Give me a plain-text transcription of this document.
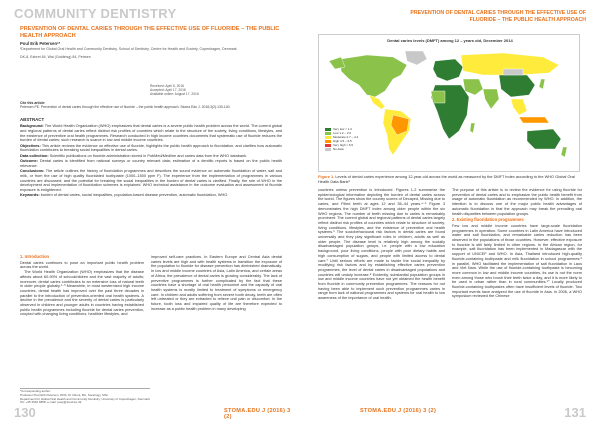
COMMUNITY DENTISTRY
PREVENTION OF DENTAL CARIES THROUGH THE EFFECTIVE USE OF FLUORIDE – THE PUBLIC HEALTH APPROACH
Poul Erik Petersen¹*
¹Department for Global Oral Health and Community Dentistry. School of Dentistry, Centre for Health and Society, Copenhagen, Denmark
DK-8, Esbret 84, Wai (Gotdinsg) 84, Petrsen
Received: April 8, 2016
Accepted: April 17, 2016
Available online: August 17, 2016
Cite this article:
Petersen PE. Prevention of dental caries through the effective use of fluoride – the public health approach. Stoma Edu J. 2016;3(2):130-140.
ABSTRACT

Background: The World Health Organization (WHO) emphasizes that dental caries is a severe public health problem across the world. The current global and regional patterns of dental caries reflect distinct risk profiles of countries which relate to the structure of the society, living conditions, lifestyles, and the existence of preventive oral health programmes. Research conducted in high income countries documents that systematic use of fluoride reduces the burden of dental caries; such research is scarce in low and middle income countries.

Objectives: This article reviews the evidence on effective use of fluoride, highlights the public health approach to fluoridation, and clarifies how automatic fluoridation contributes to breaking social inequalities in dental caries.

Data collection: Scientific publications on fluoride administration stored in PubMed/Medline and caries data from the WHO databank.

Outcome: Dental caries is identified from national surveys or country relevant data; estimation of a dentific reports is based on the public health relevance.

Conclusions: The article outlines the history of fluoridation programmes and describes the sound evidence on automatic fluoridation of water, salt and milk, or from the use of high quality fluoridated toothpaste (1000–1500 ppm F). The experience from the implementation of programmes in various countries are discussed; and the potential for breaking the social inequalities in the burden of dental caries is clarified. Finally, the role of WHO in the development and implementation of fluoridation schemes is explained. WHO technical assistance in the outcome evaluation and assessment of fluoride exposure is enlightened.

Keywords: burden of dental caries, social inequalities, population-based disease prevention, automatic fluoridation, WHO.

1. Introduction

Dental caries continues to pose an important public health problem across the world.

The World Health Organization (WHO) emphasizes that the disease affects about 60-90% of schoolchildren and the vast majority of adults; moreover, dental caries contributes to an extensive loss of natural teeth in older people globally.¹⁻³ Meanwhile, in most westernized high income countries, dental health has improved over the past three decades in parallel to the introduction of prevention-oriented oral health systems. A decline in the prevalence and the severity of dental caries is particularly observed in children and younger adults in countries having established public health programmes including fluoride for dental caries prevention, coupled with changing living conditions, healthier lifestyles, and

improved self-care practices. In Eastern Europe and Central Asia dental caries levels are high and with health systems in transition the exposure of the population to fluoride for disease prevention has diminished dramatically. In low and middle income countries of Asia, Latin America, and certain areas of Africa, the prevalence of dental caries is growing considerably. The lack of preventive programmes is further complicated by the fact that these countries have a shortage of oral health personnel and the capacity of oral health systems is mostly limited to treatment of symptoms or emergency care. In children and adults suffering from severe tooth decay, teeth are often left untreated or they are extracted to relieve oral pain or discomfort. In the future, tooth loss and impaired quality of life are therefore expected to increase as a public health problem in many developing

*Corresponding author:
Professor Poul Erik Petersen, DDS, Dr Odont, BA, Sociology, MSc
Department for Global Oral Health and Community Dentistry, University of Copenhagen, Denmark
Tel: +45 3532 6858; e-mail: poep@sund.ku.dk
130	STOMA.EDU J (2016) 3 (2)
PREVENTION OF DENTAL CARIES THROUGH THE EFFECTIVE USE OF FLUORIDE – THE PUBLIC HEALTH APPROACH
Dental caries levels (DMFT) among 12 – years old, December 2014
Very low < 1.2
Low 1.2 – 2.6
Moderate 2.7 – 4.4
High 4.5 – 6.5
Very high > 6.5
No data
Figure 1. Levels of dental caries experience among 12-year-old across the world as measured by the DMFT index according to the WHO Global Oral Health Data Bank⁶

countries unless prevention is introduced. Figures 1-2 summarize the epidemiological information depicting the burden of dental caries across the world. The figures show the country scores of Decayed, Missing due to caries, and Filled teeth at ages 12 and 35–44 years.⁴⁻⁵ Figure 3 demonstrates the high DMFT index among older people within the six WHO regions. The number of teeth missing due to caries is remarkably prominent. The current global and regional patterns of dental caries largely reflect distinct risk profiles of countries which relate to structure of society, living conditions, lifestyles, and the existence of preventive oral health systems.⁶ The sociobehavioural risk factors in dental caries are found universally and they play significant roles in children, adults as well as older people. The disease level is relatively high among the socially disadvantaged population groups, i.e. people with a low education background, poor living conditions, people with poor dietary habits and high consumption of sugars, and people with limited access to dental care.⁷ Until serious efforts are made to tackle the social inequality by modifying risk factors and by establishing effective caries prevention programmes, the level of dental caries in disadvantaged populations and countries will unduly increase.⁸ Evidently, substantial population groups in low and middle income countries have not yet obtained the health benefit from fluoride in community prevention programmes. The reasons for not having been able to implement such prevention programmes varies in range from lack of national programmes and systems for oral health to low awareness of the importance of oral health.

The purpose of this article is to review the evidence for using fluoride for prevention of dental caries and to emphasize the public health benefit from usage of automatic fluoridation as recommended by WHO. In addition, the intention is to discuss one of the major public health advantages of automatic fluoridation in that the approach may break the prevailing oral health disparities between population groups.

2. Existing fluoridation programmes

Few low and middle income countries have large-scale fluoridation programmes in operation. Some countries in Latin America have introduced water and salt fluoridation, and remarkable caries reduction has been observed in the populations of those countries. However, effective exposure to fluoride is still fairly limited in other regions. In the African region, for example, salt fluoridation has been implemented in Madagascar with the support of UNICEF and WHO. In Asia, Thailand introduced high-quality fluoride-containing toothpaste and milk fluoridation in school programmes;⁸ in parallel, WHO facilitated the implementation of salt fluoridation in Laos and Viet Nam. While the use of fluoride-containing toothpaste is becoming more common in low and middle income countries, its use is not the norm even among those who brush their teeth twice a day, and it is more likely to be used in urban rather than in rural communities.¹⁰ Locally produced fluoride-containing toothpastes often have insufficient levels of fluoride. Two important events have analyzed the use of fluoride in Asia. In 2006, a WHO symposium reviewed the Chinese

STOMA.EDU J (2016) 3 (2)	131
